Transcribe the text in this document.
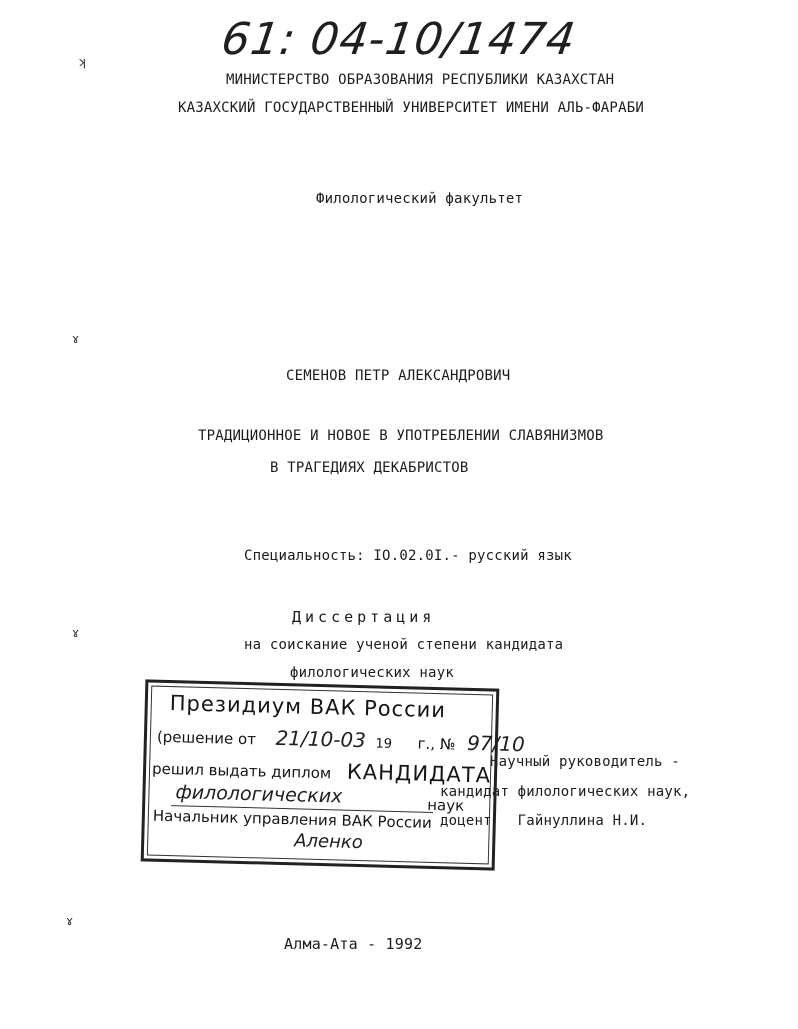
61: 04-10/1474
МИНИСТЕРСТВО ОБРАЗОВАНИЯ РЕСПУБЛИКИ КАЗАХСТАН
КАЗАХСКИЙ ГОСУДАРСТВЕННЫЙ УНИВЕРСИТЕТ ИМЕНИ АЛЬ-ФАРАБИ
Филологический факультет
СЕМЕНОВ ПЕТР АЛЕКСАНДРОВИЧ
ТРАДИЦИОННОЕ И НОВОЕ В УПОТРЕБЛЕНИИ СЛАВЯНИЗМОВ
В ТРАГЕДИЯХ ДЕКАБРИСТОВ
Специальность: IO.02.0I.- русский язык
Диссертация
на соискание ученой степени кандидата
филологических наук
Научный руководитель -
кандидат филологических наук,
доцент   Гайнуллина Н.И.
Президиум ВАК России
(решение от 21/10-03 19 г., № 97/10
решил выдать диплом КАНДИДАТА
филологических	наук
Начальник управления ВАК России
Аленко
Алма-Ата - 1992
ʞ
ɤ
ɤ
ɤ
